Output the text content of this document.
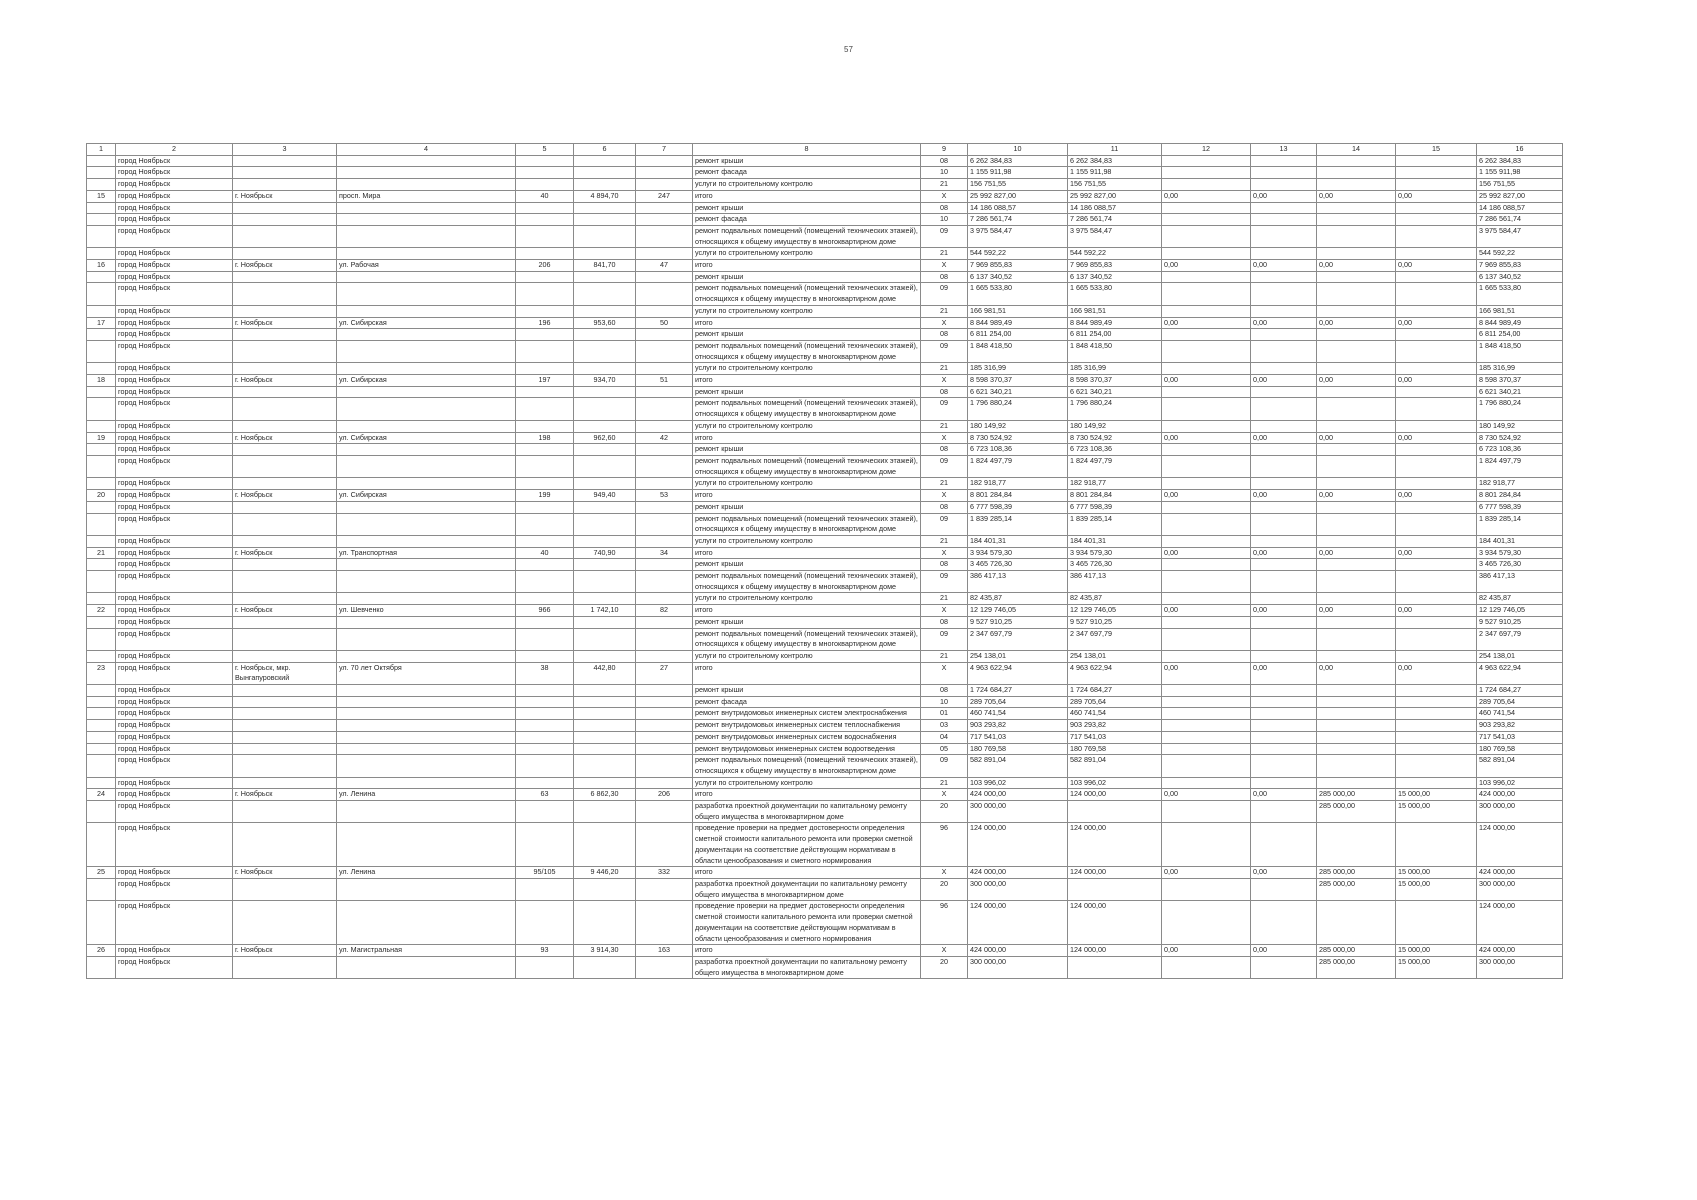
57
1	2	3	4	5	6	7	8	9	10	11	12	13	14	15	16
	город Ноябрьск						ремонт крыши	08	6 262 384,83	6 262 384,83					6 262 384,83
	город Ноябрьск						ремонт фасада	10	1 155 911,98	1 155 911,98					1 155 911,98
	город Ноябрьск						услуги по строительному контролю	21	156 751,55	156 751,55					156 751,55
15	город Ноябрьск	г. Ноябрьск	просп. Мира	40	4 894,70	247	итого	X	25 992 827,00	25 992 827,00	0,00	0,00	0,00	0,00	25 992 827,00
	город Ноябрьск						ремонт крыши	08	14 186 088,57	14 186 088,57					14 186 088,57
	город Ноябрьск						ремонт фасада	10	7 286 561,74	7 286 561,74					7 286 561,74
	город Ноябрьск						ремонт подвальных помещений (помещений технических этажей), относящихся к общему имуществу в многоквартирном доме	09	3 975 584,47	3 975 584,47					3 975 584,47
	город Ноябрьск						услуги по строительному контролю	21	544 592,22	544 592,22					544 592,22
16	город Ноябрьск	г. Ноябрьск	ул. Рабочая	206	841,70	47	итого	X	7 969 855,83	7 969 855,83	0,00	0,00	0,00	0,00	7 969 855,83
	город Ноябрьск						ремонт крыши	08	6 137 340,52	6 137 340,52					6 137 340,52
	город Ноябрьск						ремонт подвальных помещений (помещений технических этажей), относящихся к общему имуществу в многоквартирном доме	09	1 665 533,80	1 665 533,80					1 665 533,80
	город Ноябрьск						услуги по строительному контролю	21	166 981,51	166 981,51					166 981,51
17	город Ноябрьск	г. Ноябрьск	ул. Сибирская	196	953,60	50	итого	X	8 844 989,49	8 844 989,49	0,00	0,00	0,00	0,00	8 844 989,49
	город Ноябрьск						ремонт крыши	08	6 811 254,00	6 811 254,00					6 811 254,00
	город Ноябрьск						ремонт подвальных помещений (помещений технических этажей), относящихся к общему имуществу в многоквартирном доме	09	1 848 418,50	1 848 418,50					1 848 418,50
	город Ноябрьск						услуги по строительному контролю	21	185 316,99	185 316,99					185 316,99
18	город Ноябрьск	г. Ноябрьск	ул. Сибирская	197	934,70	51	итого	X	8 598 370,37	8 598 370,37	0,00	0,00	0,00	0,00	8 598 370,37
	город Ноябрьск						ремонт крыши	08	6 621 340,21	6 621 340,21					6 621 340,21
	город Ноябрьск						ремонт подвальных помещений (помещений технических этажей), относящихся к общему имуществу в многоквартирном доме	09	1 796 880,24	1 796 880,24					1 796 880,24
	город Ноябрьск						услуги по строительному контролю	21	180 149,92	180 149,92					180 149,92
19	город Ноябрьск	г. Ноябрьск	ул. Сибирская	198	962,60	42	итого	X	8 730 524,92	8 730 524,92	0,00	0,00	0,00	0,00	8 730 524,92
	город Ноябрьск						ремонт крыши	08	6 723 108,36	6 723 108,36					6 723 108,36
	город Ноябрьск						ремонт подвальных помещений (помещений технических этажей), относящихся к общему имуществу в многоквартирном доме	09	1 824 497,79	1 824 497,79					1 824 497,79
	город Ноябрьск						услуги по строительному контролю	21	182 918,77	182 918,77					182 918,77
20	город Ноябрьск	г. Ноябрьск	ул. Сибирская	199	949,40	53	итого	X	8 801 284,84	8 801 284,84	0,00	0,00	0,00	0,00	8 801 284,84
	город Ноябрьск						ремонт крыши	08	6 777 598,39	6 777 598,39					6 777 598,39
	город Ноябрьск						ремонт подвальных помещений (помещений технических этажей), относящихся к общему имуществу в многоквартирном доме	09	1 839 285,14	1 839 285,14					1 839 285,14
	город Ноябрьск						услуги по строительному контролю	21	184 401,31	184 401,31					184 401,31
21	город Ноябрьск	г. Ноябрьск	ул. Транспортная	40	740,90	34	итого	X	3 934 579,30	3 934 579,30	0,00	0,00	0,00	0,00	3 934 579,30
	город Ноябрьск						ремонт крыши	08	3 465 726,30	3 465 726,30					3 465 726,30
	город Ноябрьск						ремонт подвальных помещений (помещений технических этажей), относящихся к общему имуществу в многоквартирном доме	09	386 417,13	386 417,13					386 417,13
	город Ноябрьск						услуги по строительному контролю	21	82 435,87	82 435,87					82 435,87
22	город Ноябрьск	г. Ноябрьск	ул. Шевченко	966	1 742,10	82	итого	X	12 129 746,05	12 129 746,05	0,00	0,00	0,00	0,00	12 129 746,05
	город Ноябрьск						ремонт крыши	08	9 527 910,25	9 527 910,25					9 527 910,25
	город Ноябрьск						ремонт подвальных помещений (помещений технических этажей), относящихся к общему имуществу в многоквартирном доме	09	2 347 697,79	2 347 697,79					2 347 697,79
	город Ноябрьск						услуги по строительному контролю	21	254 138,01	254 138,01					254 138,01
23	город Ноябрьск	г. Ноябрьск, мкр. Вынгапуровский	ул. 70 лет Октября	38	442,80	27	итого	X	4 963 622,94	4 963 622,94	0,00	0,00	0,00	0,00	4 963 622,94
	город Ноябрьск						ремонт крыши	08	1 724 684,27	1 724 684,27					1 724 684,27
	город Ноябрьск						ремонт фасада	10	289 705,64	289 705,64					289 705,64
	город Ноябрьск						ремонт внутридомовых инженерных систем электроснабжения	01	460 741,54	460 741,54					460 741,54
	город Ноябрьск						ремонт внутридомовых инженерных систем теплоснабжения	03	903 293,82	903 293,82					903 293,82
	город Ноябрьск						ремонт внутридомовых инженерных систем водоснабжения	04	717 541,03	717 541,03					717 541,03
	город Ноябрьск						ремонт внутридомовых инженерных систем водоотведения	05	180 769,58	180 769,58					180 769,58
	город Ноябрьск						ремонт подвальных помещений (помещений технических этажей), относящихся к общему имуществу в многоквартирном доме	09	582 891,04	582 891,04					582 891,04
	город Ноябрьск						услуги по строительному контролю	21	103 996,02	103 996,02					103 996,02
24	город Ноябрьск	г. Ноябрьск	ул. Ленина	63	6 862,30	206	итого	X	424 000,00	124 000,00	0,00	0,00	285 000,00	15 000,00	424 000,00
	город Ноябрьск						разработка проектной документации по капитальному ремонту общего имущества в многоквартирном доме	20	300 000,00				285 000,00	15 000,00	300 000,00
	город Ноябрьск						проведение проверки на предмет достоверности определения сметной стоимости капитального ремонта или проверки сметной документации на соответствие действующим нормативам в области ценообразования и сметного нормирования	96	124 000,00	124 000,00					124 000,00
25	город Ноябрьск	г. Ноябрьск	ул. Ленина	95/105	9 446,20	332	итого	X	424 000,00	124 000,00	0,00	0,00	285 000,00	15 000,00	424 000,00
	город Ноябрьск						разработка проектной документации по капитальному ремонту общего имущества в многоквартирном доме	20	300 000,00				285 000,00	15 000,00	300 000,00
	город Ноябрьск						проведение проверки на предмет достоверности определения сметной стоимости капитального ремонта или проверки сметной документации на соответствие действующим нормативам в области ценообразования и сметного нормирования	96	124 000,00	124 000,00					124 000,00
26	город Ноябрьск	г. Ноябрьск	ул. Магистральная	93	3 914,30	163	итого	X	424 000,00	124 000,00	0,00	0,00	285 000,00	15 000,00	424 000,00
	город Ноябрьск						разработка проектной документации по капитальному ремонту общего имущества в многоквартирном доме	20	300 000,00				285 000,00	15 000,00	300 000,00
